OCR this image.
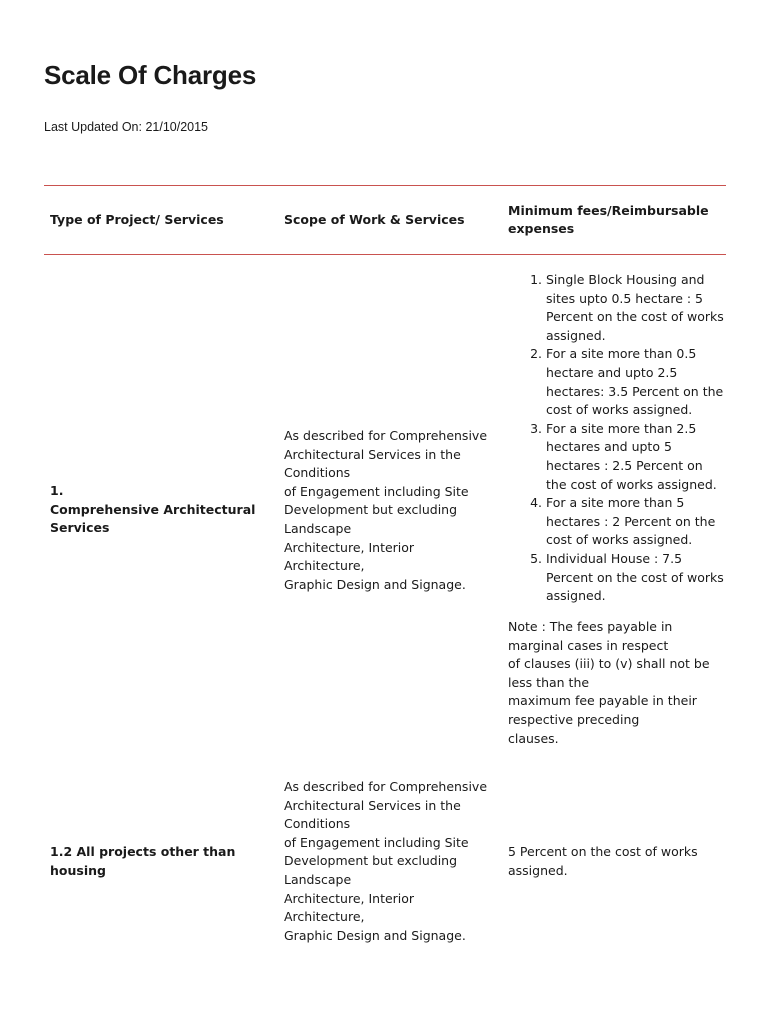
Scale Of Charges
Last Updated On: 21/10/2015
Type of Project/ Services	Scope of Work & Services
Minimum fees/Reimbursable
expenses
1.
Comprehensive Architectural
Services
As described for Comprehensive
Architectural Services in the
Conditions
of Engagement including Site
Development but excluding
Landscape
Architecture, Interior
Architecture,
Graphic Design and Signage.
1. Single Block Housing and sites upto 0.5 hectare : 5 Percent on the cost of works assigned.
2. For a site more than 0.5 hectare and upto 2.5 hectares: 3.5 Percent on the cost of works assigned.
3. For a site more than 2.5 hectares and upto 5 hectares : 2.5 Percent on the cost of works assigned.
4. For a site more than 5 hectares : 2 Percent on the cost of works assigned.
5. Individual House : 7.5 Percent on the cost of works assigned.
Note : The fees payable in
marginal cases in respect
of clauses (iii) to (v) shall not be
less than the
maximum fee payable in their
respective preceding
clauses.
1.2 All projects other than
housing
As described for Comprehensive
Architectural Services in the
Conditions
of Engagement including Site
Development but excluding
Landscape
Architecture, Interior
Architecture,
Graphic Design and Signage.
5 Percent on the cost of works
assigned.
